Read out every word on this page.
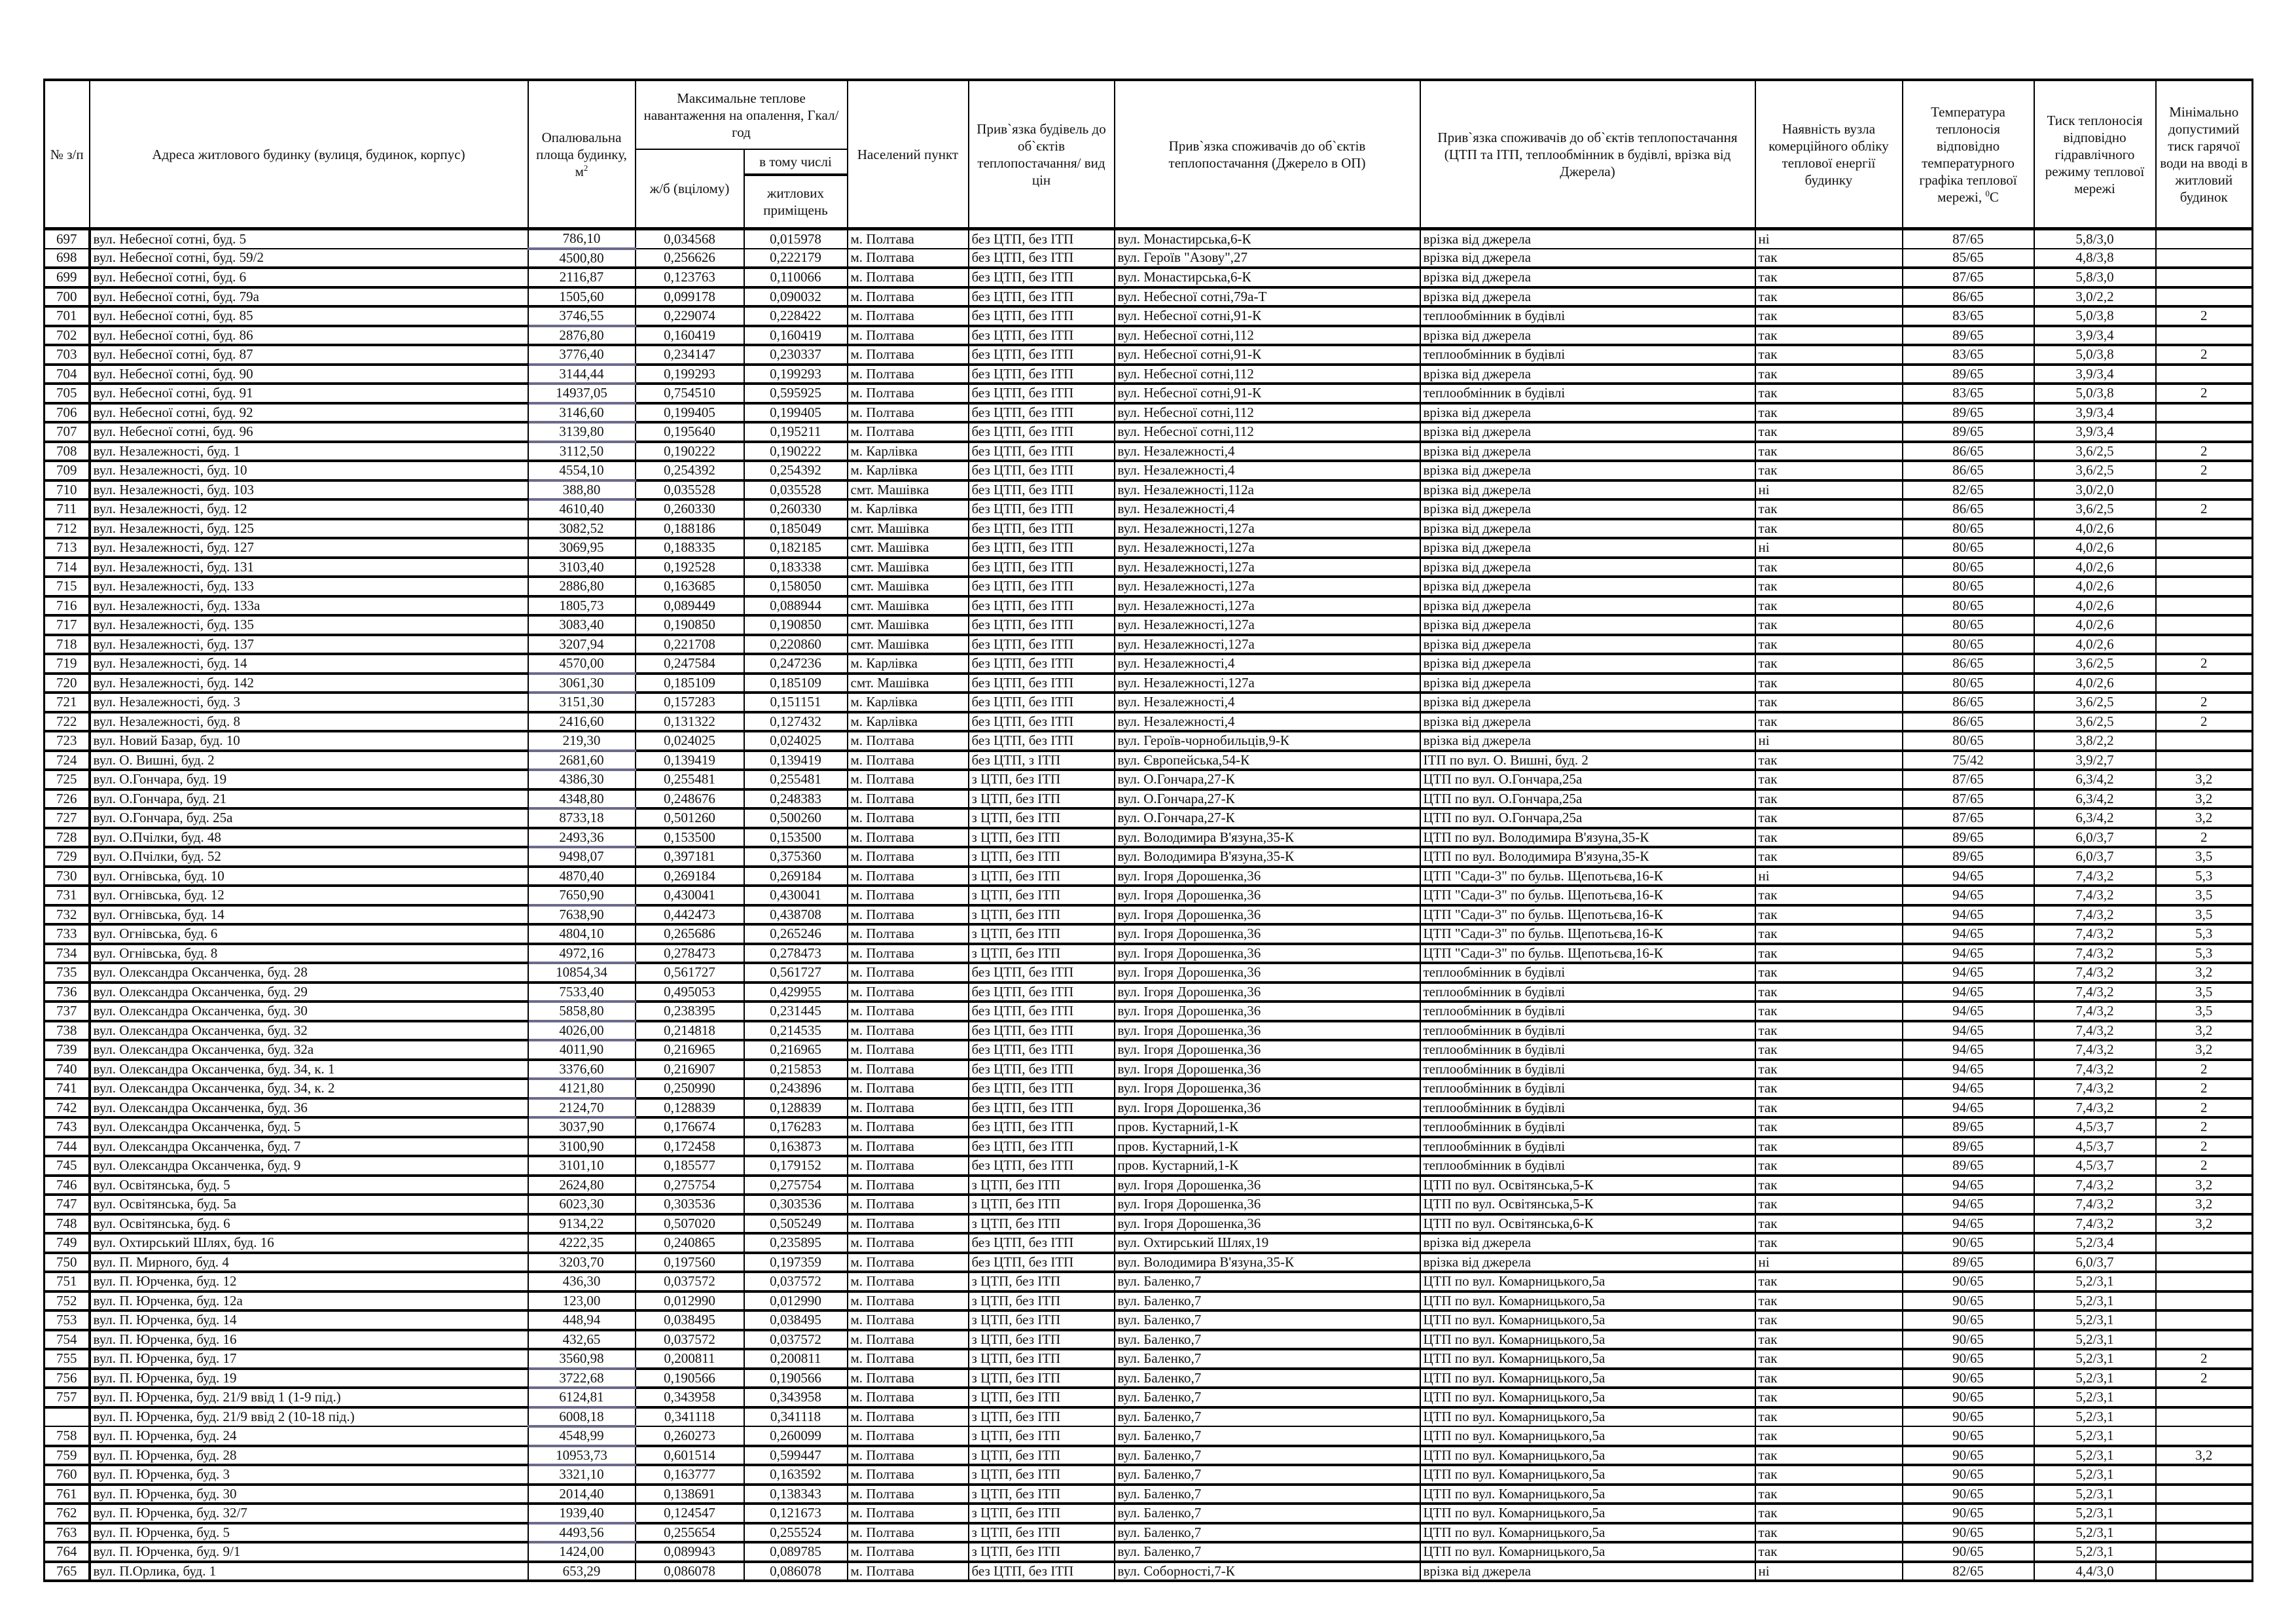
№ з/п	Адреса житлового будинку (вулиця, будинок, корпус)	Опалювальна площа будинку, $м^2$	Максимальне теплове навантаження на опалення, Гкал/год		Населений пункт	Прив`язка будівель до об`єктів теплопостачання/ вид цін	Прив`язка споживачів до об`єктів теплопостачання (Джерело в ОП)	Прив`язка споживачів до об`єктів теплопостачання (ЦТП та ІТП, теплообмінник в будівлі, врізка від Джерела)	Наявність вузла комерційного обліку теплової енергії будинку	Температура теплоносія відповідно температурного графіка теплової мережі, $^0$С	Тиск теплоносія відповідно гідравлічного режиму теплової мережі	Мінімально допустимий тиск гарячої води на вводі в житловий будинок
			ж/б (вцілому)	в тому числі								
				житлових приміщень								
697	вул. Небесної сотні, буд. 5	786,10	0,034568	0,015978	м. Полтава	без ЦТП, без ІТП	вул. Монастирська,6-К	врізка від джерела	ні	87/65	5,8/3,0	
698	вул. Небесної сотні, буд. 59/2	4500,80	0,256626	0,222179	м. Полтава	без ЦТП, без ІТП	вул. Героїв "Азову",27	врізка від джерела	так	85/65	4,8/3,8	
699	вул. Небесної сотні, буд. 6	2116,87	0,123763	0,110066	м. Полтава	без ЦТП, без ІТП	вул. Монастирська,6-К	врізка від джерела	так	87/65	5,8/3,0	
700	вул. Небесної сотні, буд. 79а	1505,60	0,099178	0,090032	м. Полтава	без ЦТП, без ІТП	вул. Небесної сотні,79а-Т	врізка від джерела	так	86/65	3,0/2,2	
701	вул. Небесної сотні, буд. 85	3746,55	0,229074	0,228422	м. Полтава	без ЦТП, без ІТП	вул. Небесної сотні,91-К	теплообмінник в будівлі	так	83/65	5,0/3,8	2
702	вул. Небесної сотні, буд. 86	2876,80	0,160419	0,160419	м. Полтава	без ЦТП, без ІТП	вул. Небесної сотні,112	врізка від джерела	так	89/65	3,9/3,4	
703	вул. Небесної сотні, буд. 87	3776,40	0,234147	0,230337	м. Полтава	без ЦТП, без ІТП	вул. Небесної сотні,91-К	теплообмінник в будівлі	так	83/65	5,0/3,8	2
704	вул. Небесної сотні, буд. 90	3144,44	0,199293	0,199293	м. Полтава	без ЦТП, без ІТП	вул. Небесної сотні,112	врізка від джерела	так	89/65	3,9/3,4	
705	вул. Небесної сотні, буд. 91	14937,05	0,754510	0,595925	м. Полтава	без ЦТП, без ІТП	вул. Небесної сотні,91-К	теплообмінник в будівлі	так	83/65	5,0/3,8	2
706	вул. Небесної сотні, буд. 92	3146,60	0,199405	0,199405	м. Полтава	без ЦТП, без ІТП	вул. Небесної сотні,112	врізка від джерела	так	89/65	3,9/3,4	
707	вул. Небесної сотні, буд. 96	3139,80	0,195640	0,195211	м. Полтава	без ЦТП, без ІТП	вул. Небесної сотні,112	врізка від джерела	так	89/65	3,9/3,4	
708	вул. Незалежності, буд. 1	3112,50	0,190222	0,190222	м. Карлівка	без ЦТП, без ІТП	вул. Незалежності,4	врізка від джерела	так	86/65	3,6/2,5	2
709	вул. Незалежності, буд. 10	4554,10	0,254392	0,254392	м. Карлівка	без ЦТП, без ІТП	вул. Незалежності,4	врізка від джерела	так	86/65	3,6/2,5	2
710	вул. Незалежності, буд. 103	388,80	0,035528	0,035528	смт. Машівка	без ЦТП, без ІТП	вул. Незалежності,112а	врізка від джерела	ні	82/65	3,0/2,0	
711	вул. Незалежності, буд. 12	4610,40	0,260330	0,260330	м. Карлівка	без ЦТП, без ІТП	вул. Незалежності,4	врізка від джерела	так	86/65	3,6/2,5	2
712	вул. Незалежності, буд. 125	3082,52	0,188186	0,185049	смт. Машівка	без ЦТП, без ІТП	вул. Незалежності,127а	врізка від джерела	так	80/65	4,0/2,6	
713	вул. Незалежності, буд. 127	3069,95	0,188335	0,182185	смт. Машівка	без ЦТП, без ІТП	вул. Незалежності,127а	врізка від джерела	ні	80/65	4,0/2,6	
714	вул. Незалежності, буд. 131	3103,40	0,192528	0,183338	смт. Машівка	без ЦТП, без ІТП	вул. Незалежності,127а	врізка від джерела	так	80/65	4,0/2,6	
715	вул. Незалежності, буд. 133	2886,80	0,163685	0,158050	смт. Машівка	без ЦТП, без ІТП	вул. Незалежності,127а	врізка від джерела	так	80/65	4,0/2,6	
716	вул. Незалежності, буд. 133а	1805,73	0,089449	0,088944	смт. Машівка	без ЦТП, без ІТП	вул. Незалежності,127а	врізка від джерела	так	80/65	4,0/2,6	
717	вул. Незалежності, буд. 135	3083,40	0,190850	0,190850	смт. Машівка	без ЦТП, без ІТП	вул. Незалежності,127а	врізка від джерела	так	80/65	4,0/2,6	
718	вул. Незалежності, буд. 137	3207,94	0,221708	0,220860	смт. Машівка	без ЦТП, без ІТП	вул. Незалежності,127а	врізка від джерела	так	80/65	4,0/2,6	
719	вул. Незалежності, буд. 14	4570,00	0,247584	0,247236	м. Карлівка	без ЦТП, без ІТП	вул. Незалежності,4	врізка від джерела	так	86/65	3,6/2,5	2
720	вул. Незалежності, буд. 142	3061,30	0,185109	0,185109	смт. Машівка	без ЦТП, без ІТП	вул. Незалежності,127а	врізка від джерела	так	80/65	4,0/2,6	
721	вул. Незалежності, буд. 3	3151,30	0,157283	0,151151	м. Карлівка	без ЦТП, без ІТП	вул. Незалежності,4	врізка від джерела	так	86/65	3,6/2,5	2
722	вул. Незалежності, буд. 8	2416,60	0,131322	0,127432	м. Карлівка	без ЦТП, без ІТП	вул. Незалежності,4	врізка від джерела	так	86/65	3,6/2,5	2
723	вул. Новий Базар, буд. 10	219,30	0,024025	0,024025	м. Полтава	без ЦТП, без ІТП	вул. Героїв-чорнобильців,9-К	врізка від джерела	ні	80/65	3,8/2,2	
724	вул. О. Вишні, буд. 2	2681,60	0,139419	0,139419	м. Полтава	без ЦТП, з ІТП	вул. Європейська,54-К	ІТП по вул. О. Вишні, буд. 2	так	75/42	3,9/2,7	
725	вул. О.Гончара, буд. 19	4386,30	0,255481	0,255481	м. Полтава	з ЦТП, без ІТП	вул. О.Гончара,27-К	ЦТП по вул. О.Гончара,25а	так	87/65	6,3/4,2	3,2
726	вул. О.Гончара, буд. 21	4348,80	0,248676	0,248383	м. Полтава	з ЦТП, без ІТП	вул. О.Гончара,27-К	ЦТП по вул. О.Гончара,25а	так	87/65	6,3/4,2	3,2
727	вул. О.Гончара, буд. 25а	8733,18	0,501260	0,500260	м. Полтава	з ЦТП, без ІТП	вул. О.Гончара,27-К	ЦТП по вул. О.Гончара,25а	так	87/65	6,3/4,2	3,2
728	вул. О.Пчілки, буд. 48	2493,36	0,153500	0,153500	м. Полтава	з ЦТП, без ІТП	вул. Володимира В'язуна,35-К	ЦТП по вул. Володимира В'язуна,35-К	так	89/65	6,0/3,7	2
729	вул. О.Пчілки, буд. 52	9498,07	0,397181	0,375360	м. Полтава	з ЦТП, без ІТП	вул. Володимира В'язуна,35-К	ЦТП по вул. Володимира В'язуна,35-К	так	89/65	6,0/3,7	3,5
730	вул. Огнівська, буд. 10	4870,40	0,269184	0,269184	м. Полтава	з ЦТП, без ІТП	вул. Ігоря Дорошенка,36	ЦТП "Сади-3" по бульв. Щепотьєва,16-К	ні	94/65	7,4/3,2	5,3
731	вул. Огнівська, буд. 12	7650,90	0,430041	0,430041	м. Полтава	з ЦТП, без ІТП	вул. Ігоря Дорошенка,36	ЦТП "Сади-3" по бульв. Щепотьєва,16-К	так	94/65	7,4/3,2	3,5
732	вул. Огнівська, буд. 14	7638,90	0,442473	0,438708	м. Полтава	з ЦТП, без ІТП	вул. Ігоря Дорошенка,36	ЦТП "Сади-3" по бульв. Щепотьєва,16-К	так	94/65	7,4/3,2	3,5
733	вул. Огнівська, буд. 6	4804,10	0,265686	0,265246	м. Полтава	з ЦТП, без ІТП	вул. Ігоря Дорошенка,36	ЦТП "Сади-3" по бульв. Щепотьєва,16-К	так	94/65	7,4/3,2	5,3
734	вул. Огнівська, буд. 8	4972,16	0,278473	0,278473	м. Полтава	з ЦТП, без ІТП	вул. Ігоря Дорошенка,36	ЦТП "Сади-3" по бульв. Щепотьєва,16-К	так	94/65	7,4/3,2	5,3
735	вул. Олександра Оксанченка, буд. 28	10854,34	0,561727	0,561727	м. Полтава	без ЦТП, без ІТП	вул. Ігоря Дорошенка,36	теплообмінник в будівлі	так	94/65	7,4/3,2	3,2
736	вул. Олександра Оксанченка, буд. 29	7533,40	0,495053	0,429955	м. Полтава	без ЦТП, без ІТП	вул. Ігоря Дорошенка,36	теплообмінник в будівлі	так	94/65	7,4/3,2	3,5
737	вул. Олександра Оксанченка, буд. 30	5858,80	0,238395	0,231445	м. Полтава	без ЦТП, без ІТП	вул. Ігоря Дорошенка,36	теплообмінник в будівлі	так	94/65	7,4/3,2	3,5
738	вул. Олександра Оксанченка, буд. 32	4026,00	0,214818	0,214535	м. Полтава	без ЦТП, без ІТП	вул. Ігоря Дорошенка,36	теплообмінник в будівлі	так	94/65	7,4/3,2	3,2
739	вул. Олександра Оксанченка, буд. 32а	4011,90	0,216965	0,216965	м. Полтава	без ЦТП, без ІТП	вул. Ігоря Дорошенка,36	теплообмінник в будівлі	так	94/65	7,4/3,2	3,2
740	вул. Олександра Оксанченка, буд. 34, к. 1	3376,60	0,216907	0,215853	м. Полтава	без ЦТП, без ІТП	вул. Ігоря Дорошенка,36	теплообмінник в будівлі	так	94/65	7,4/3,2	2
741	вул. Олександра Оксанченка, буд. 34, к. 2	4121,80	0,250990	0,243896	м. Полтава	без ЦТП, без ІТП	вул. Ігоря Дорошенка,36	теплообмінник в будівлі	так	94/65	7,4/3,2	2
742	вул. Олександра Оксанченка, буд. 36	2124,70	0,128839	0,128839	м. Полтава	без ЦТП, без ІТП	вул. Ігоря Дорошенка,36	теплообмінник в будівлі	так	94/65	7,4/3,2	2
743	вул. Олександра Оксанченка, буд. 5	3037,90	0,176674	0,176283	м. Полтава	без ЦТП, без ІТП	пров. Кустарний,1-К	теплообмінник в будівлі	так	89/65	4,5/3,7	2
744	вул. Олександра Оксанченка, буд. 7	3100,90	0,172458	0,163873	м. Полтава	без ЦТП, без ІТП	пров. Кустарний,1-К	теплообмінник в будівлі	так	89/65	4,5/3,7	2
745	вул. Олександра Оксанченка, буд. 9	3101,10	0,185577	0,179152	м. Полтава	без ЦТП, без ІТП	пров. Кустарний,1-К	теплообмінник в будівлі	так	89/65	4,5/3,7	2
746	вул. Освітянська, буд. 5	2624,80	0,275754	0,275754	м. Полтава	з ЦТП, без ІТП	вул. Ігоря Дорошенка,36	ЦТП по вул. Освітянська,5-К	так	94/65	7,4/3,2	3,2
747	вул. Освітянська, буд. 5а	6023,30	0,303536	0,303536	м. Полтава	з ЦТП, без ІТП	вул. Ігоря Дорошенка,36	ЦТП по вул. Освітянська,5-К	так	94/65	7,4/3,2	3,2
748	вул. Освітянська, буд. 6	9134,22	0,507020	0,505249	м. Полтава	з ЦТП, без ІТП	вул. Ігоря Дорошенка,36	ЦТП по вул. Освітянська,6-К	так	94/65	7,4/3,2	3,2
749	вул. Охтирський Шлях, буд. 16	4222,35	0,240865	0,235895	м. Полтава	без ЦТП, без ІТП	вул. Охтирський Шлях,19	врізка від джерела	так	90/65	5,2/3,4	
750	вул. П. Мирного, буд. 4	3203,70	0,197560	0,197359	м. Полтава	без ЦТП, без ІТП	вул. Володимира В'язуна,35-К	врізка від джерела	ні	89/65	6,0/3,7	
751	вул. П. Юрченка, буд. 12	436,30	0,037572	0,037572	м. Полтава	з ЦТП, без ІТП	вул. Баленко,7	ЦТП по вул. Комарницького,5а	так	90/65	5,2/3,1	
752	вул. П. Юрченка, буд. 12а	123,00	0,012990	0,012990	м. Полтава	з ЦТП, без ІТП	вул. Баленко,7	ЦТП по вул. Комарницького,5а	так	90/65	5,2/3,1	
753	вул. П. Юрченка, буд. 14	448,94	0,038495	0,038495	м. Полтава	з ЦТП, без ІТП	вул. Баленко,7	ЦТП по вул. Комарницького,5а	так	90/65	5,2/3,1	
754	вул. П. Юрченка, буд. 16	432,65	0,037572	0,037572	м. Полтава	з ЦТП, без ІТП	вул. Баленко,7	ЦТП по вул. Комарницького,5а	так	90/65	5,2/3,1	
755	вул. П. Юрченка, буд. 17	3560,98	0,200811	0,200811	м. Полтава	з ЦТП, без ІТП	вул. Баленко,7	ЦТП по вул. Комарницького,5а	так	90/65	5,2/3,1	2
756	вул. П. Юрченка, буд. 19	3722,68	0,190566	0,190566	м. Полтава	з ЦТП, без ІТП	вул. Баленко,7	ЦТП по вул. Комарницького,5а	так	90/65	5,2/3,1	2
757	вул. П. Юрченка, буд. 21/9 ввід 1 (1-9 під.)	6124,81	0,343958	0,343958	м. Полтава	з ЦТП, без ІТП	вул. Баленко,7	ЦТП по вул. Комарницького,5а	так	90/65	5,2/3,1	
	вул. П. Юрченка, буд. 21/9 ввід 2 (10-18 під.)	6008,18	0,341118	0,341118	м. Полтава	з ЦТП, без ІТП	вул. Баленко,7	ЦТП по вул. Комарницького,5а	так	90/65	5,2/3,1	
758	вул. П. Юрченка, буд. 24	4548,99	0,260273	0,260099	м. Полтава	з ЦТП, без ІТП	вул. Баленко,7	ЦТП по вул. Комарницького,5а	так	90/65	5,2/3,1	
759	вул. П. Юрченка, буд. 28	10953,73	0,601514	0,599447	м. Полтава	з ЦТП, без ІТП	вул. Баленко,7	ЦТП по вул. Комарницького,5а	так	90/65	5,2/3,1	3,2
760	вул. П. Юрченка, буд. 3	3321,10	0,163777	0,163592	м. Полтава	з ЦТП, без ІТП	вул. Баленко,7	ЦТП по вул. Комарницького,5а	так	90/65	5,2/3,1	
761	вул. П. Юрченка, буд. 30	2014,40	0,138691	0,138343	м. Полтава	з ЦТП, без ІТП	вул. Баленко,7	ЦТП по вул. Комарницького,5а	так	90/65	5,2/3,1	
762	вул. П. Юрченка, буд. 32/7	1939,40	0,124547	0,121673	м. Полтава	з ЦТП, без ІТП	вул. Баленко,7	ЦТП по вул. Комарницького,5а	так	90/65	5,2/3,1	
763	вул. П. Юрченка, буд. 5	4493,56	0,255654	0,255524	м. Полтава	з ЦТП, без ІТП	вул. Баленко,7	ЦТП по вул. Комарницького,5а	так	90/65	5,2/3,1	
764	вул. П. Юрченка, буд. 9/1	1424,00	0,089943	0,089785	м. Полтава	з ЦТП, без ІТП	вул. Баленко,7	ЦТП по вул. Комарницького,5а	так	90/65	5,2/3,1	
765	вул. П.Орлика, буд. 1	653,29	0,086078	0,086078	м. Полтава	без ЦТП, без ІТП	вул. Соборності,7-К	врізка від джерела	ні	82/65	4,4/3,0	
